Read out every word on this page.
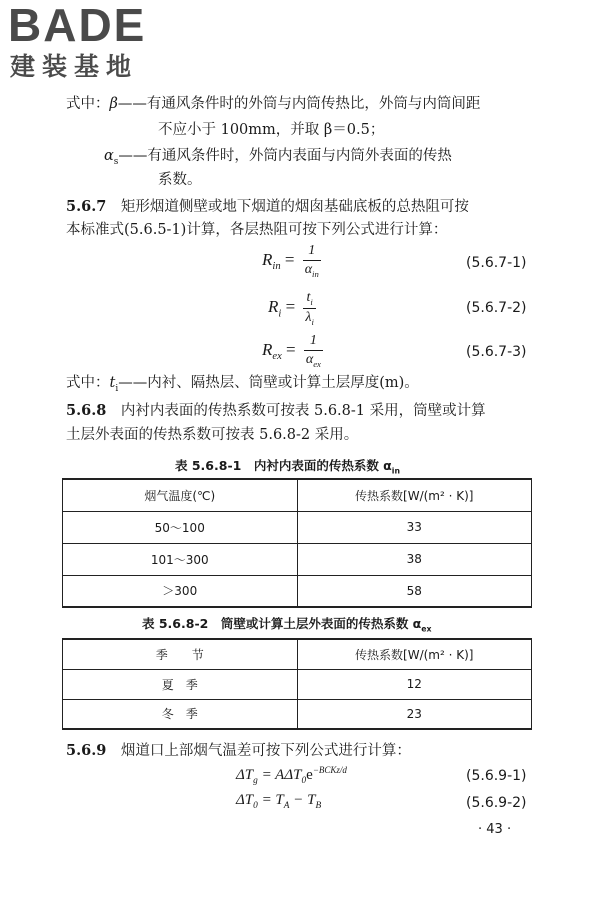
BADE
建装基地
式中：β——有通风条件时的外筒与内筒传热比，外筒与内筒间距
不应小于 100mm，并取 β＝0.5；
$\alpha_s——$有通风条件时，外筒内表面与内筒外表面的传热
系数。
5.6.7　 矩形烟道侧壁或地下烟道的烟囱基础底板的总热阻可按
本标准式(5.6.5-1)计算，各层热阻可按下列公式进行计算：
$R_{in} = \frac{1}{\alpha_{in}}$	(5.6.7-1)
$R_i = \frac{t_i}{\lambda_i}$	(5.6.7-2)
$R_{ex} = \frac{1}{\alpha_{ex}}$	(5.6.7-3)
式中：$t_i——$内衬、隔热层、筒壁或计算土层厚度(m)。
5.6.8　 内衬内表面的传热系数可按表 5.6.8-1 采用，筒壁或计算
土层外表面的传热系数可按表 5.6.8-2 采用。
表 5.6.8-1　内衬内表面的传热系数 $\alpha_{in}$
烟气温度(℃)	传热系数[W/(m² · K)]
50～100	33
101～300	38
＞300	58
表 5.6.8-2　筒壁或计算土层外表面的传热系数 $\alpha_{ex}$
季　　节	传热系数[W/(m² · K)]
夏　季	12
冬　季	23
5.6.9　 烟道口上部烟气温差可按下列公式进行计算：
$\Delta T_g = A\Delta T_0e^{-BCKz/d}$	(5.6.9-1)
$\Delta T_0 = T_A - T_B$	(5.6.9-2)
· 43 ·
